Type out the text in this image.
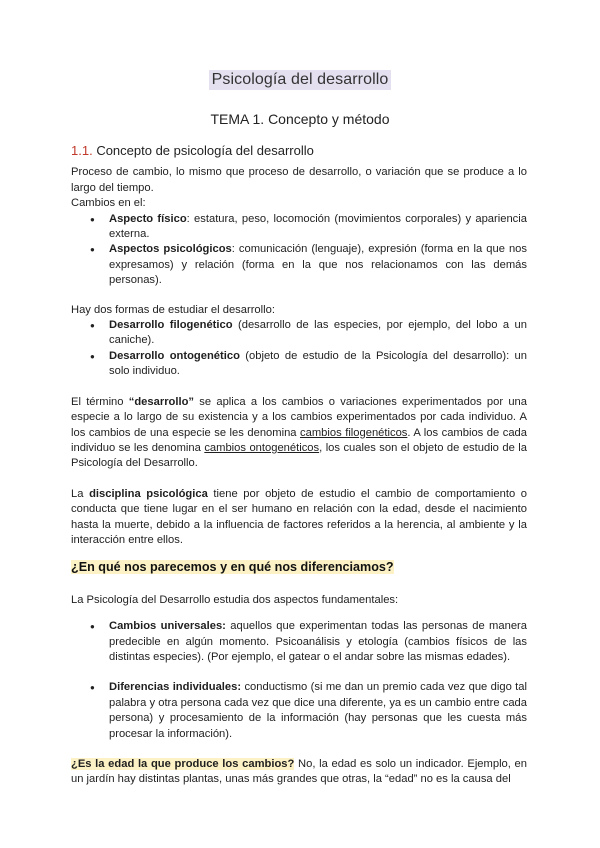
Psicología del desarrollo
TEMA 1. Concepto y método
1.1. Concepto de psicología del desarrollo

Proceso de cambio, lo mismo que proceso de desarrollo, o variación que se produce a lo largo del tiempo.

Cambios en el:

● Aspecto físico: estatura, peso, locomoción (movimientos corporales) y apariencia externa.
● Aspectos psicológicos: comunicación (lenguaje), expresión (forma en la que nos expresamos) y relación (forma en la que nos relacionamos con las demás personas).

Hay dos formas de estudiar el desarrollo:

● Desarrollo filogenético (desarrollo de las especies, por ejemplo, del lobo a un caniche).
● Desarrollo ontogenético (objeto de estudio de la Psicología del desarrollo): un solo individuo.

El término “desarrollo” se aplica a los cambios o variaciones experimentados por una especie a lo largo de su existencia y a los cambios experimentados por cada individuo. A los cambios de una especie se les denomina cambios filogenéticos. A los cambios de cada individuo se les denomina cambios ontogenéticos, los cuales son el objeto de estudio de la Psicología del Desarrollo.

La disciplina psicológica tiene por objeto de estudio el cambio de comportamiento o conducta que tiene lugar en el ser humano en relación con la edad, desde el nacimiento hasta la muerte, debido a la influencia de factores referidos a la herencia, al ambiente y la interacción entre ellos.

¿En qué nos parecemos y en qué nos diferenciamos?

La Psicología del Desarrollo estudia dos aspectos fundamentales:

● Cambios universales: aquellos que experimentan todas las personas de manera predecible en algún momento. Psicoanálisis y etología (cambios físicos de las distintas especies). (Por ejemplo, el gatear o el andar sobre las mismas edades).
● Diferencias individuales: conductismo (si me dan un premio cada vez que digo tal palabra y otra persona cada vez que dice una diferente, ya es un cambio entre cada persona) y procesamiento de la información (hay personas que les cuesta más procesar la información).

¿Es la edad la que produce los cambios? No, la edad es solo un indicador. Ejemplo, en un jardín hay distintas plantas, unas más grandes que otras, la “edad” no es la causa del
